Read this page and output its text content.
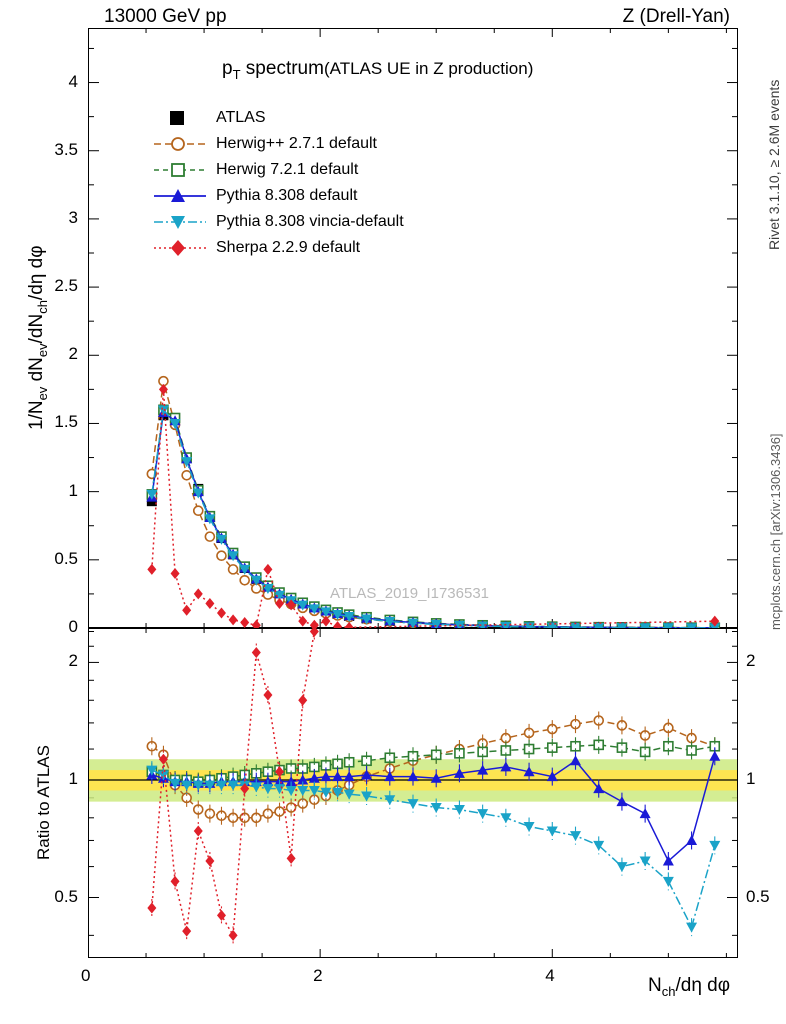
13000 GeV pp	Z (Drell-Yan)
Rivet 3.1.10, ≥ 2.6M events
mcplots.cern.ch [arXiv:1306.3436]
$p_T$ spectrum(ATLAS UE in Z production)
ATLAS_2019_I1736531
$1/N_{ev}$ $dN_{ev}/dN_{ch}/d\eta$ dφ
ATLAS
Herwig++ 2.7.1 default
Herwig 7.2.1 default
Pythia 8.308 default
Pythia 8.308 vincia-default
Sherpa 2.2.9 default
Ratio to ATLAS
$N_{ch}/d\eta$ dφ
0
0.5
1
1.5
2
2.5
3
3.5
4
0.5	0.5
1	1
2	2
0	2	4
